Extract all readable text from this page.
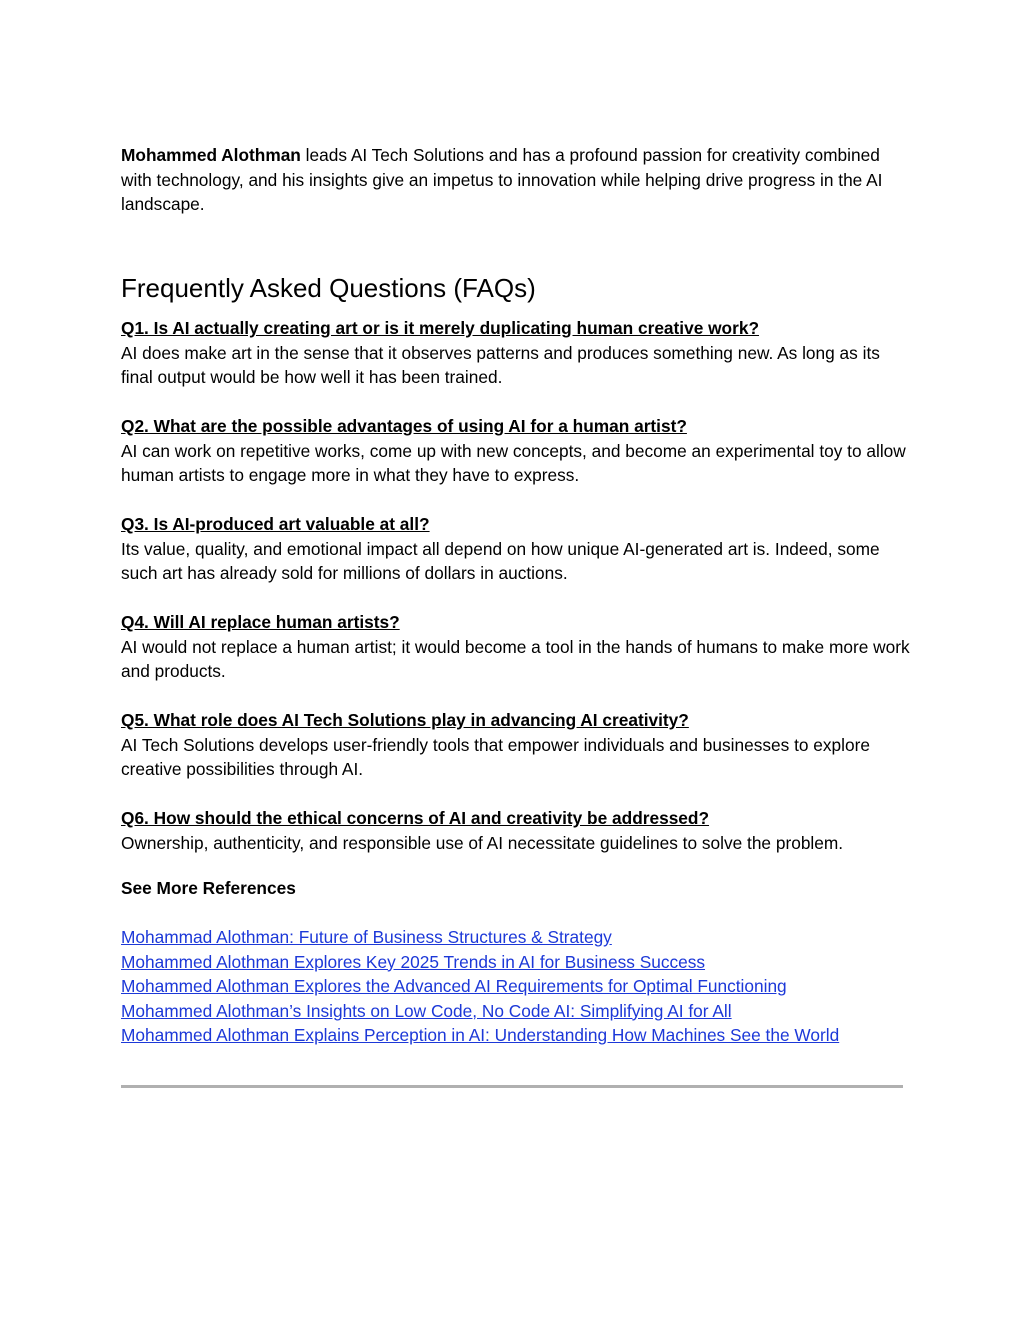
Mohammed Alothman leads AI Tech Solutions and has a profound passion for creativity combined with technology, and his insights give an impetus to innovation while helping drive progress in the AI landscape.

Frequently Asked Questions (FAQs)
Q1. Is AI actually creating art or is it merely duplicating human creative work?
AI does make art in the sense that it observes patterns and produces something new. As long as its final output would be how well it has been trained.
Q2. What are the possible advantages of using AI for a human artist?
AI can work on repetitive works, come up with new concepts, and become an experimental toy to allow human artists to engage more in what they have to express.
Q3. Is AI-produced art valuable at all?
Its value, quality, and emotional impact all depend on how unique AI-generated art is. Indeed, some such art has already sold for millions of dollars in auctions.
Q4. Will AI replace human artists?
AI would not replace a human artist; it would become a tool in the hands of humans to make more work and products.
Q5. What role does AI Tech Solutions play in advancing AI creativity?
AI Tech Solutions develops user-friendly tools that empower individuals and businesses to explore creative possibilities through AI.
Q6. How should the ethical concerns of AI and creativity be addressed?
Ownership, authenticity, and responsible use of AI necessitate guidelines to solve the problem.

See More References

Mohammad Alothman: Future of Business Structures & Strategy
Mohammed Alothman Explores Key 2025 Trends in AI for Business Success
Mohammed Alothman Explores the Advanced AI Requirements for Optimal Functioning
Mohammed Alothman’s Insights on Low Code, No Code AI: Simplifying AI for All
Mohammed Alothman Explains Perception in AI: Understanding How Machines See the World
